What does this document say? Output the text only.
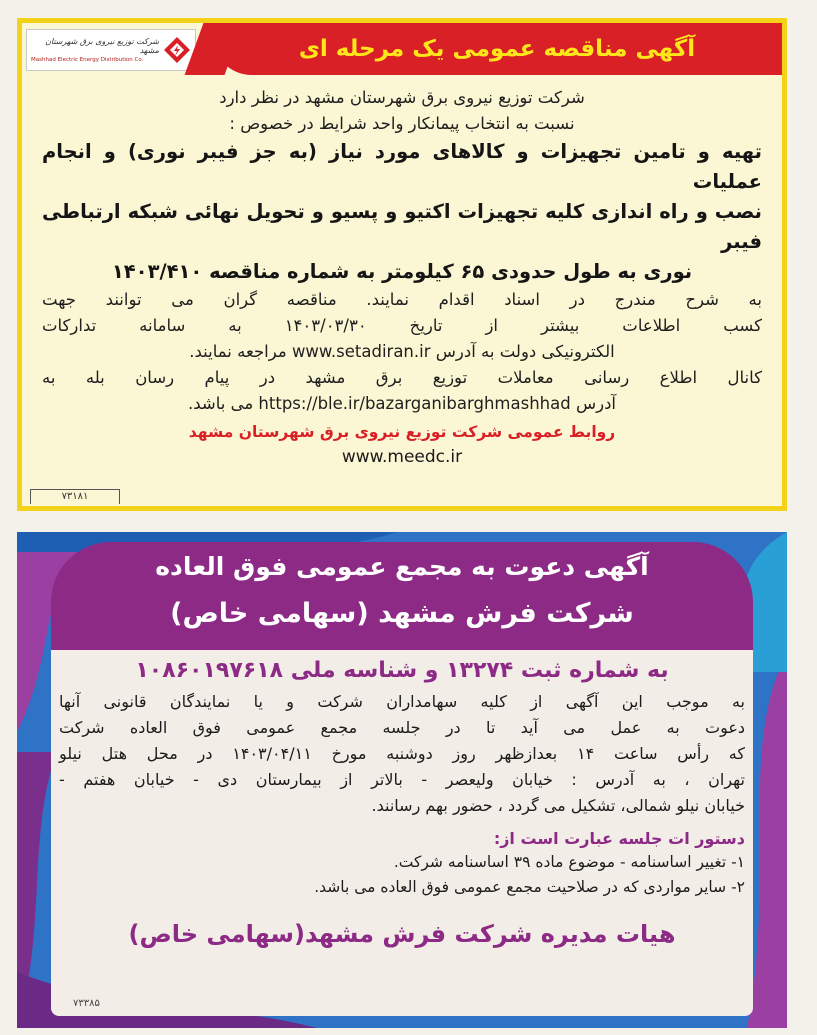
شرکت توزیع نیروی برق شهرستان مشهد
Mashhad Electric Energy Distribution Co.	آگهی مناقصه عمومی یک مرحله ای

شرکت توزیع نیروی برق شهرستان مشهد در نظر دارد

نسبت به انتخاب پیمانکار واحد شرایط در خصوص :

تهیه و تامین تجهیزات و کالاهای مورد نیاز (به جز فیبر نوری) و انجام عملیات

نصب و راه اندازی کلیه تجهیزات اکتیو و پسیو و تحویل نهائی شبکه ارتباطی فیبر

نوری به طول حدودی ۶۵ کیلومتر به شماره مناقصه ۱۴۰۳/۴۱۰

به شرح مندرج در اسناد اقدام نمایند. مناقصه گران می توانند جهت

کسب اطلاعات بیشتر از تاریخ ۱۴۰۳/۰۳/۳۰ به سامانه تدارکات

الکترونیکی دولت به آدرس www.setadiran.ir مراجعه نمایند.

کانال اطلاع رسانی معاملات توزیع برق مشهد در پیام رسان بله به

آدرس https://ble.ir/bazarganibarghmashhad می باشد.

روابط عمومی شرکت توزیع نیروی برق شهرستان مشهد

www.meedc.ir
۷۳۱۸۱
آگهی دعوت به مجمع عمومی فوق العاده
شرکت فرش مشهد (سهامی خاص)

به شماره ثبت ۱۳۲۷۴ و شناسه ملی ۱۰۸۶۰۱۹۷۶۱۸

به موجب این آگهی از کلیه سهامداران شرکت و یا نمایندگان قانونی آنها

دعوت به عمل می آید تا در جلسه مجمع عمومی فوق العاده شرکت

که رأس ساعت ۱۴ بعدازظهر روز دوشنبه مورخ ۱۴۰۳/۰۴/۱۱ در محل هتل نیلو

تهران ، به آدرس : خیابان ولیعصر - بالاتر از بیمارستان دی - خیابان هفتم -

خیابان نیلو شمالی، تشکیل می گردد ، حضور بهم رسانند.

دستور ات جلسه عبارت است از:

۱- تغییر اساسنامه - موضوع ماده ۳۹ اساسنامه شرکت.

۲- سایر مواردی که در صلاحیت مجمع عمومی فوق العاده می باشد.

هیات مدیره شرکت فرش مشهد(سهامی خاص)

۷۳۳۸۵
